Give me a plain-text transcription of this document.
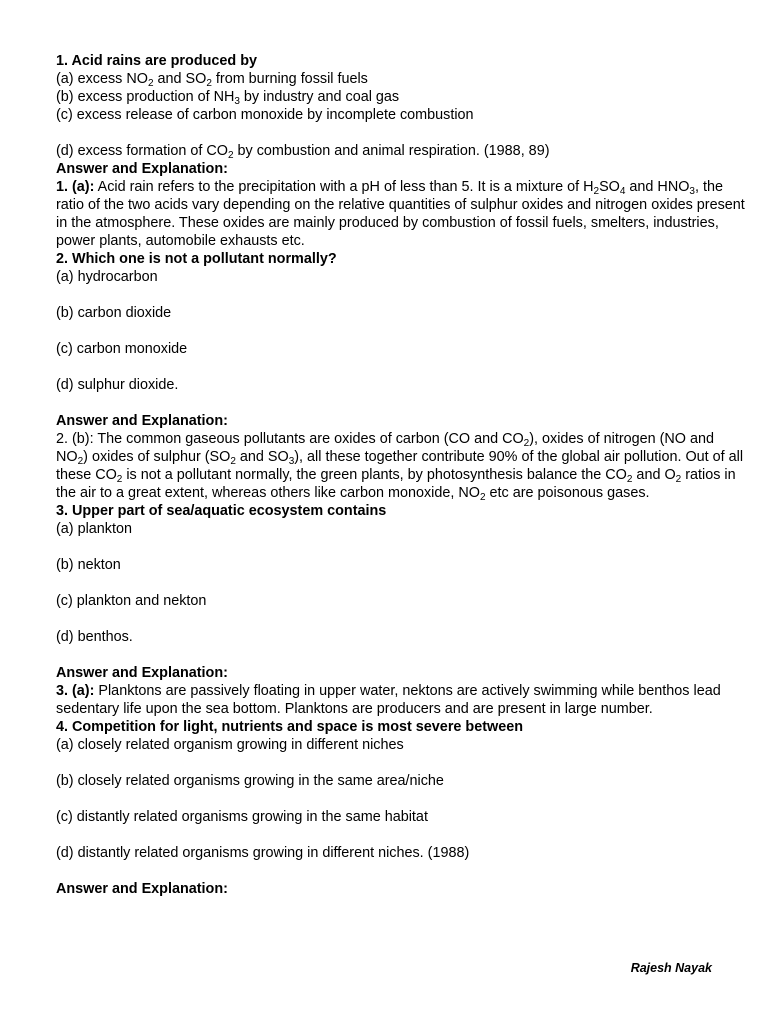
1. Acid rains are produced by
(a) excess $NO_2$ and $SO_2$ from burning fossil fuels
(b) excess production of $NH_3$ by industry and coal gas
(c) excess release of carbon monoxide by incomplete combustion
(d) excess formation of $CO_2$ by combustion and animal respiration. (1988, 89)
Answer and Explanation:
1. (a): Acid rain refers to the precipitation with a pH of less than 5. It is a mixture of $H_2SO_4$ and $HNO_3$, the ratio of the two acids vary depending on the relative quantities of sulphur oxides and nitrogen oxides present in the atmosphere. These oxides are mainly produced by combustion of fossil fuels, smelters, industries, power plants, automobile exhausts etc.
2. Which one is not a pollutant normally?
(a) hydrocarbon
(b) carbon dioxide
(c) carbon monoxide
(d) sulphur dioxide.
Answer and Explanation:
2. (b): The common gaseous pollutants are oxides of carbon (CO and $CO_2$), oxides of nitrogen (NO and $NO_2$) oxides of sulphur ($SO_2$ and $SO_3$), all these together contribute 90% of the global air pollution. Out of all these $CO_2$ is not a pollutant normally, the green plants, by photosynthesis balance the $CO_2$ and $O_2$ ratios in the air to a great extent, whereas others like carbon monoxide, $NO_2$ etc are poisonous gases.
3. Upper part of sea/aquatic ecosystem contains
(a) plankton
(b) nekton
(c) plankton and nekton
(d) benthos.
Answer and Explanation:
3. (a): Planktons are passively floating in upper water, nektons are actively swimming while benthos lead sedentary life upon the sea bottom. Planktons are producers and are present in large number.
4. Competition for light, nutrients and space is most severe between
(a) closely related organism growing in different niches
(b) closely related organisms growing in the same area/niche
(c) distantly related organisms growing in the same habitat
(d) distantly related organisms growing in different niches. (1988)
Answer and Explanation:
Rajesh Nayak
